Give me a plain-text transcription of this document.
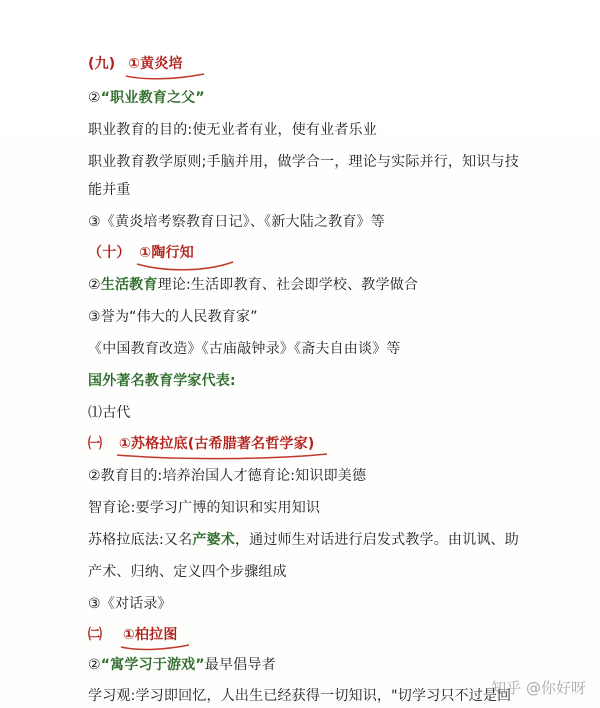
(九) ①黄炎培
②“职业教育之父”
职业教育的目的:使无业者有业，使有业者乐业
职业教育教学原则;手脑并用，做学合一，理论与实际并行，知识与技
能并重
③《黄炎培考察教育日记》、《新大陆之教育》等
（十） ①陶行知
②生活教育理论:生活即教育、社会即学校、教学做合
③誉为“伟大的人民教育家”
《中国教育改造》《古庙敲钟录》《斋夫自由谈》等
国外著名教育学家代表:
⑴古代
㈠ ①苏格拉底(古希腊著名哲学家)
②教育目的:培养治国人才德育论:知识即美德
智育论:要学习广博的知识和实用知识
苏格拉底法:又名产婆术，通过师生对话进行启发式教学。由讥讽、助
产术、归纳、定义四个步骤组成
③《对话录》
㈡ ①柏拉图
②“寓学习于游戏”最早倡导者
学习观:学习即回忆，人出生已经获得一切知识，"切学习只不过是回
知乎 @你好呀
